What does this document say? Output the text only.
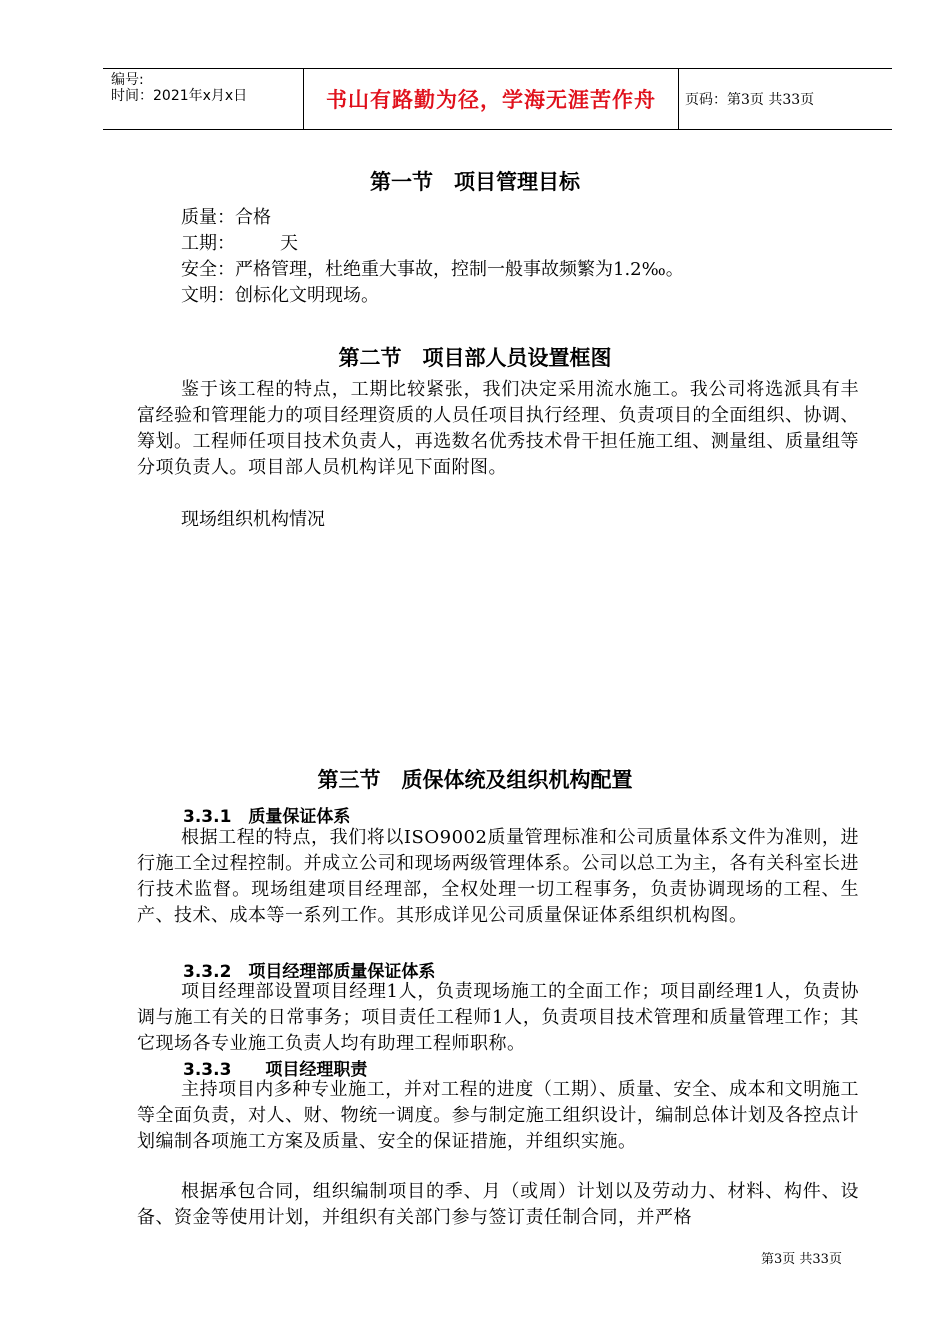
编号:
时间：2021年x月x日	书山有路勤为径，学海无涯苦作舟 页码：第3页 共33页
第一节　项目管理目标
质量：合格
工期：　　　天
安全：严格管理，杜绝重大事故，控制一般事故频繁为1.2‰。
文明：创标化文明现场。
第二节　项目部人员设置框图
鉴于该工程的特点，工期比较紧张，我们决定采用流水施工。我公司将选派具有丰富经验和管理能力的项目经理资质的人员任项目执行经理、负责项目的全面组织、协调、筹划。工程师任项目技术负责人，再选数名优秀技术骨干担任施工组、测量组、质量组等分项负责人。项目部人员机构详见下面附图。
现场组织机构情况
第三节　质保体统及组织机构配置
3.3.1　质量保证体系
根据工程的特点，我们将以ISO9002质量管理标准和公司质量体系文件为准则，进行施工全过程控制。并成立公司和现场两级管理体系。公司以总工为主，各有关科室长进行技术监督。现场组建项目经理部，全权处理一切工程事务，负责协调现场的工程、生产、技术、成本等一系列工作。其形成详见公司质量保证体系组织机构图。
3.3.2　项目经理部质量保证体系
项目经理部设置项目经理1人，负责现场施工的全面工作；项目副经理1人，负责协调与施工有关的日常事务；项目责任工程师1人，负责项目技术管理和质量管理工作；其它现场各专业施工负责人均有助理工程师职称。
3.3.3　　项目经理职责
主持项目内多种专业施工，并对工程的进度（工期）、质量、安全、成本和文明施工等全面负责，对人、财、物统一调度。参与制定施工组织设计，编制总体计划及各控点计划编制各项施工方案及质量、安全的保证措施，并组织实施。
根据承包合同，组织编制项目的季、月（或周）计划以及劳动力、材料、构件、设备、资金等使用计划，并组织有关部门参与签订责任制合同，并严格
第3页 共33页
